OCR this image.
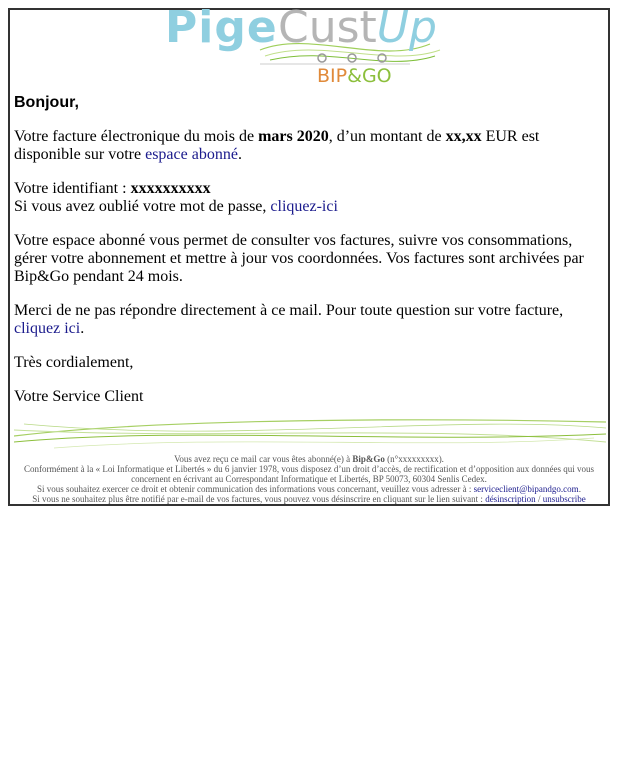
Pige CustUp
BIP&GO

Bonjour,

Votre facture électronique du mois de mars 2020, d’un montant de xx,xx EUR est disponible sur votre espace abonné.

Votre identifiant : xxxxxxxxxx
Si vous avez oublié votre mot de passe, cliquez-ici

Votre espace abonné vous permet de consulter vos factures, suivre vos consommations, gérer votre abonnement et mettre à jour vos coordonnées. Vos factures sont archivées par Bip&Go pendant 24 mois.

Merci de ne pas répondre directement à ce mail. Pour toute question sur votre facture, cliquez ici.

Très cordialement,

Votre Service Client

Vous avez reçu ce mail car vous êtes abonné(e) à Bip&Go (n°xxxxxxxxx).
Conformément à la « Loi Informatique et Libertés » du 6 janvier 1978, vous disposez d’un droit d’accès, de rectification et d’opposition aux données qui vous concernent en écrivant au Correspondant Informatique et Libertés, BP 50073, 60304 Senlis Cedex.
Si vous souhaitez exercer ce droit et obtenir communication des informations vous concernant, veuillez vous adresser à : serviceclient@bipandgo.com.
Si vous ne souhaitez plus être notifié par e-mail de vos factures, vous pouvez vous désinscrire en cliquant sur le lien suivant : désinscription / unsubscribe
